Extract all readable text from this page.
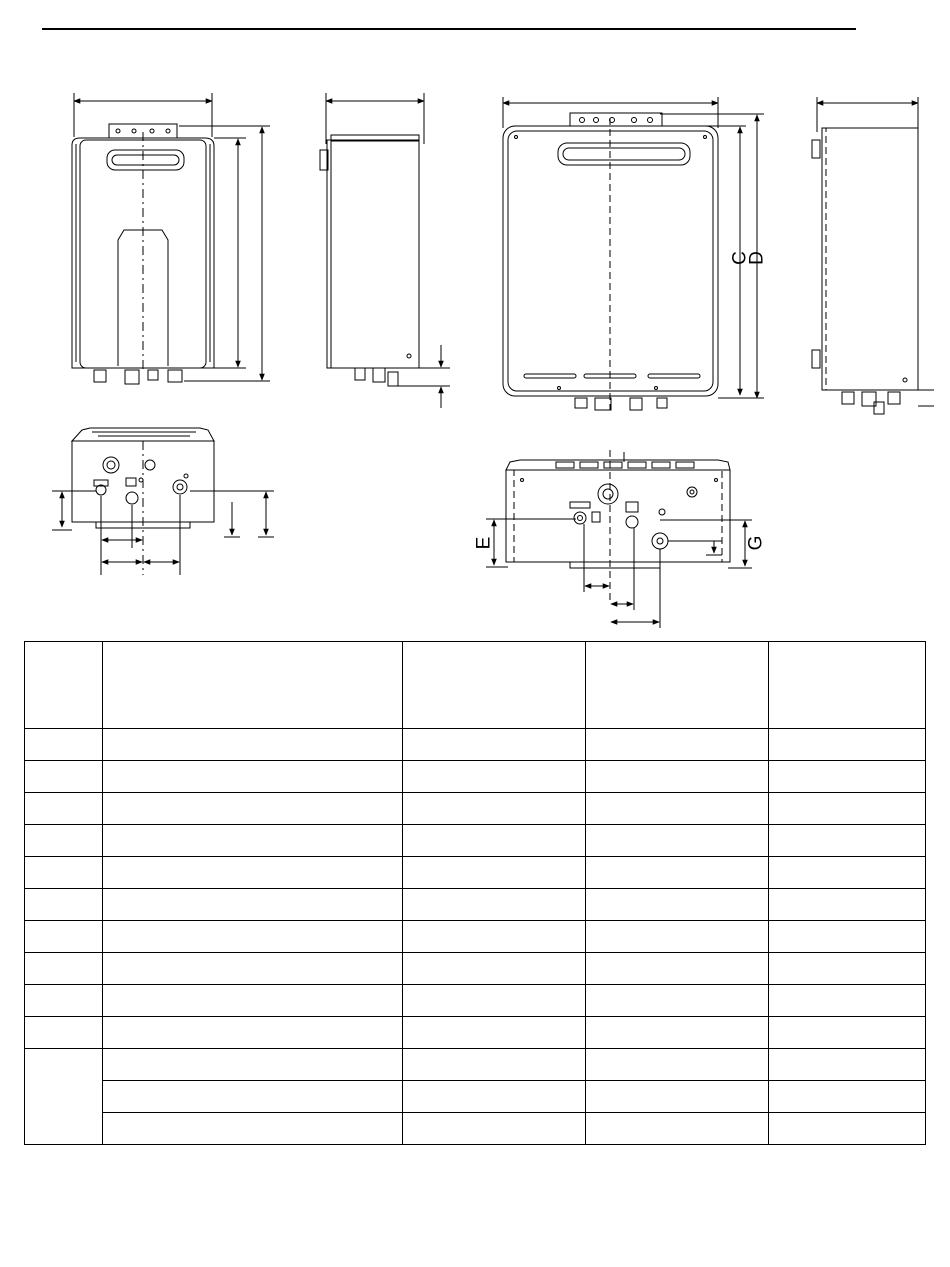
C
D
E	G
